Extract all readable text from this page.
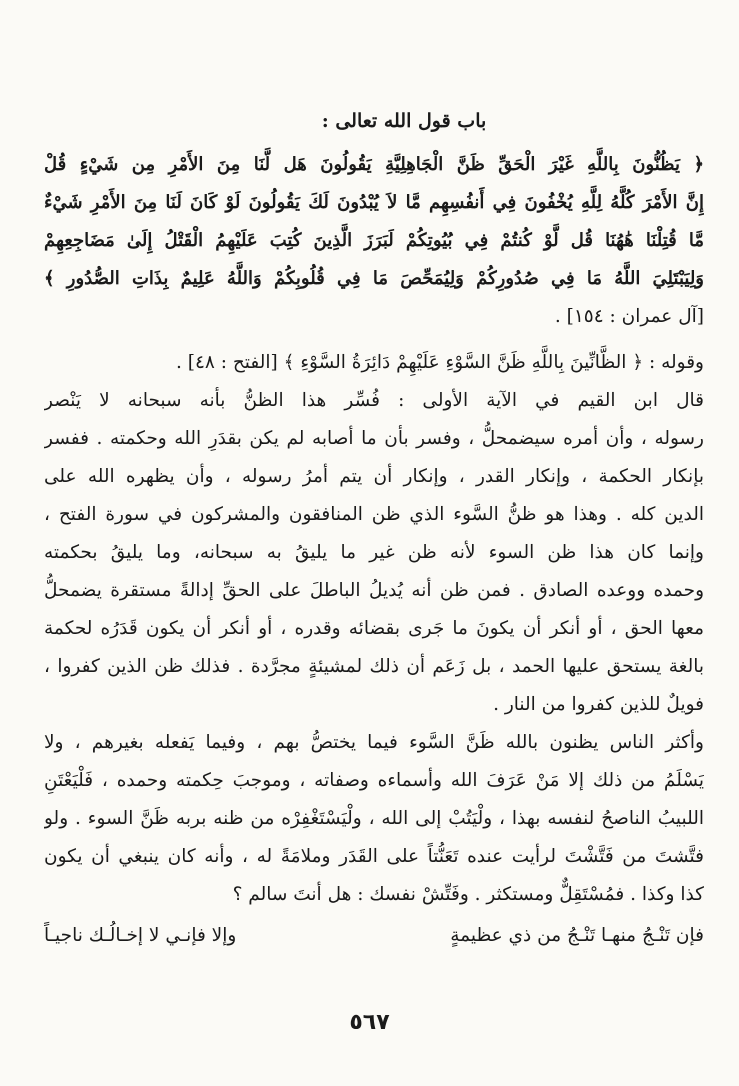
باب قول الله تعالى :
﴿ يَظُنُّونَ بِاللَّهِ غَيْرَ الْحَقِّ ظَنَّ الْجَاهِلِيَّةِ يَقُولُونَ هَل لَّنَا مِنَ الأَمْرِ مِن شَيْءٍ قُلْ
إِنَّ الأَمْرَ كُلَّهُ لِلَّهِ يُخْفُونَ فِي أَنفُسِهِم مَّا لاَ يُبْدُونَ لَكَ يَقُولُونَ لَوْ كَانَ لَنَا مِنَ الأَمْرِ شَيْءٌ
مَّا قُتِلْنَا هَٰهُنَا قُل لَّوْ كُنتُمْ فِي بُيُوتِكُمْ لَبَرَزَ الَّذِينَ كُتِبَ عَلَيْهِمُ الْقَتْلُ إِلَىٰ مَضَاجِعِهِمْ
وَلِيَبْتَلِيَ اللَّهُ مَا فِي صُدُورِكُمْ وَلِيُمَحِّصَ مَا فِي قُلُوبِكُمْ وَاللَّهُ عَلِيمٌ بِذَاتِ الصُّدُورِ ﴾
[آل عمران : ١٥٤] .
وقوله : ﴿ الظَّانِّينَ بِاللَّهِ ظَنَّ السَّوْءِ عَلَيْهِمْ دَائِرَةُ السَّوْءِ ﴾ [الفتح : ٤٨] .
قال ابن القيم في الآية الأولى : فُسِّر هذا الظنُّ بأنه سبحانه لا يَنْصر
رسوله ، وأن أمره سيضمحلُّ ، وفسر بأن ما أصابه لم يكن بقدَرِ الله وحكمته . ففسر
بإنكار الحكمة ، وإنكار القدر ، وإنكار أن يتم أمرُ رسوله ، وأن يظهره الله على
الدين كله . وهذا هو ظنُّ السَّوء الذي ظن المنافقون والمشركون في سورة الفتح ،
وإنما كان هذا ظن السوء لأنه ظن غير ما يليقُ به سبحانه، وما يليقُ بحكمته
وحمده ووعده الصادق . فمن ظن أنه يُديلُ الباطلَ على الحقِّ إدالةً مستقرة يضمحلُّ
معها الحق ، أو أنكر أن يكونَ ما جَرى بقضائه وقدره ، أو أنكر أن يكون قَدَرُه لحكمة
بالغة يستحق عليها الحمد ، بل زَعَم أن ذلك لمشيئةٍ مجرَّدة . فذلك ظن الذين كفروا ،
فويلٌ للذين كفروا من النار .
وأكثر الناس يظنون بالله ظَنَّ السَّوء فيما يختصُّ بهم ، وفيما يَفعله بغيرهم ، ولا
يَسْلَمُ من ذلك إلا مَنْ عَرَفَ الله وأسماءه وصفاته ، وموجبَ حِكمته وحمده ، فَلْيَعْتَنِ
اللبيبُ الناصحُ لنفسه بهذا ، ولْيَتُبْ إلى الله ، ولْيَسْتَغْفِرْه من ظنه بربه ظَنَّ السوء . ولو
فتَّشتَ من فَتَّشْتَ لرأيت عنده تَعَنُّتاً على القَدَر وملامَةً له ، وأنه كان ينبغي أن يكون
كذا وكذا . فمُسْتَقِلٌّ ومستكثر . وفَتِّشْ نفسك : هل أنتَ سالم ؟
فإن تَنْـجُ منهـا تَنْـجُ من ذي عظيمةٍ
وإلا فإنـي لا إخـالُـك ناجيـاً
٥٦٧
